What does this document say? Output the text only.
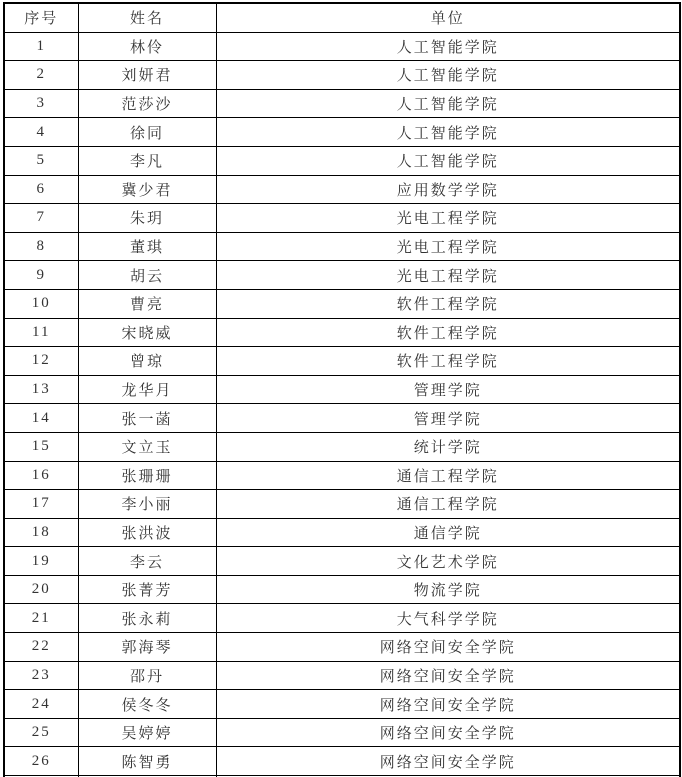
序号	姓名	单位
1	林伶	人工智能学院
2	刘妍君	人工智能学院
3	范莎沙	人工智能学院
4	徐同	人工智能学院
5	李凡	人工智能学院
6	冀少君	应用数学学院
7	朱玥	光电工程学院
8	董琪	光电工程学院
9	胡云	光电工程学院
10	曹亮	软件工程学院
11	宋晓威	软件工程学院
12	曾琼	软件工程学院
13	龙华月	管理学院
14	张一菡	管理学院
15	文立玉	统计学院
16	张珊珊	通信工程学院
17	李小丽	通信工程学院
18	张洪波	通信学院
19	李云	文化艺术学院
20	张菁芳	物流学院
21	张永莉	大气科学学院
22	郭海琴	网络空间安全学院
23	邵丹	网络空间安全学院
24	侯冬冬	网络空间安全学院
25	吴婷婷	网络空间安全学院
26	陈智勇	网络空间安全学院
